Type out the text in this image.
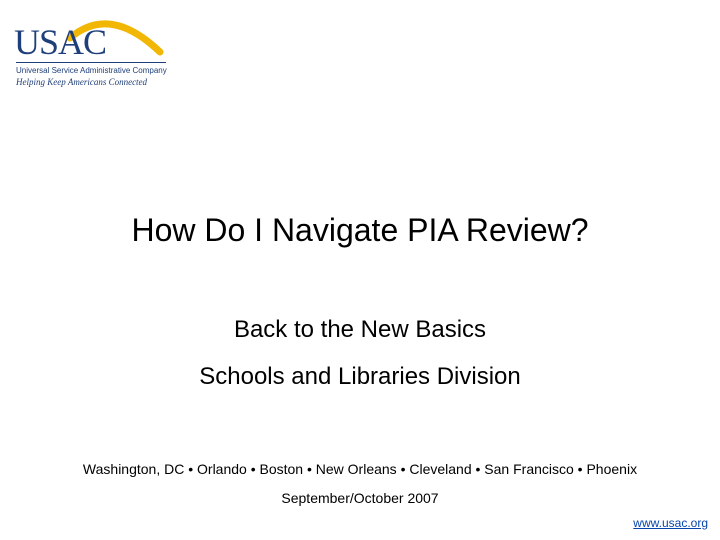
USAC
Universal Service Administrative Company
Helping Keep Americans Connected
How Do I Navigate PIA Review?
Back to the New Basics
Schools and Libraries Division
Washington, DC • Orlando • Boston • New Orleans • Cleveland • San Francisco • Phoenix
September/October 2007
www.usac.org
